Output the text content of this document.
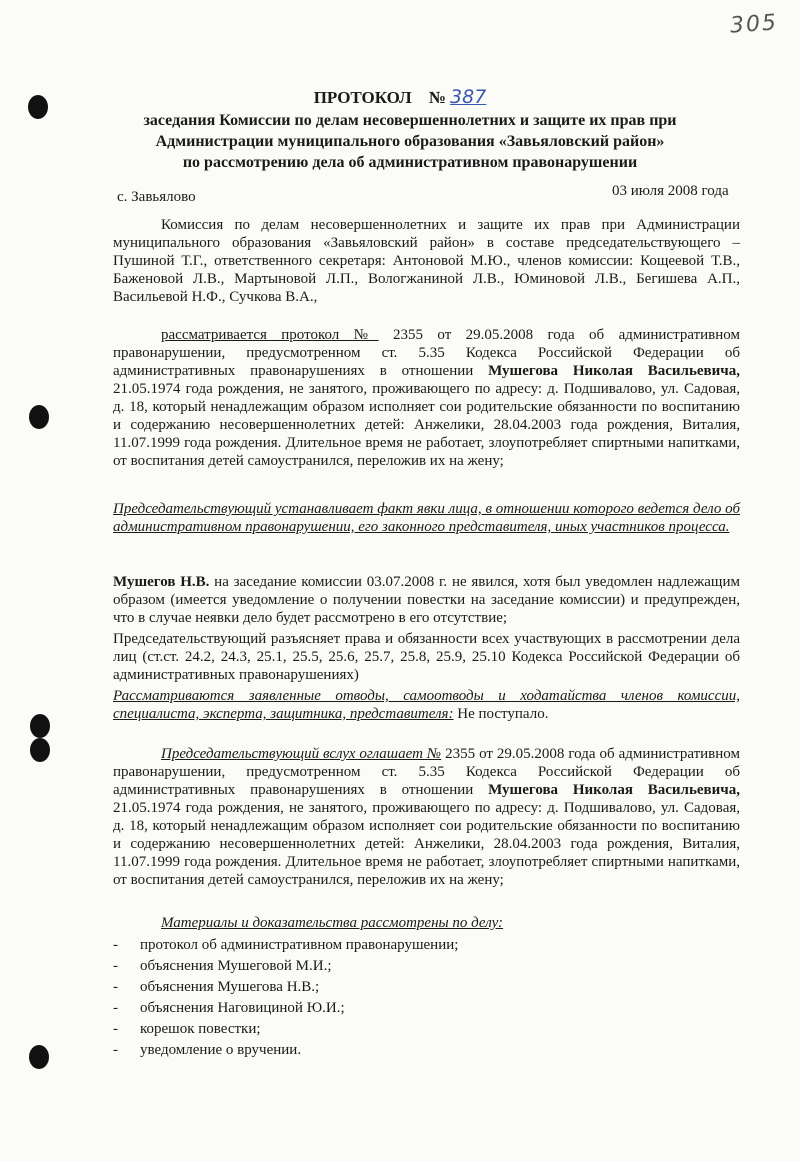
305
ПРОТОКОЛ № 387
заседания Комиссии по делам несовершеннолетних и защите их прав при
Администрации муниципального образования «Завьяловский район»
по рассмотрению дела об административном правонарушении
с. Завьялово	03 июля 2008 года
Комиссия по делам несовершеннолетних и защите их прав при Администрации муниципального образования «Завьяловский район» в составе председательствующего – Пушиной Т.Г., ответственного секретаря: Антоновой М.Ю., членов комиссии: Кощеевой Т.В., Баженовой Л.В., Мартыновой Л.П., Вологжаниной Л.В., Юминовой Л.В., Бегишева А.П., Васильевой Н.Ф., Сучкова В.А.,
рассматривается протокол № 2355 от 29.05.2008 года об административном правонарушении, предусмотренном ст. 5.35 Кодекса Российской Федерации об административных правонарушениях в отношении Мушегова Николая Васильевича, 21.05.1974 года рождения, не занятого, проживающего по адресу: д. Подшивалово, ул. Садовая, д. 18, который ненадлежащим образом исполняет сои родительские обязанности по воспитанию и содержанию несовершеннолетних детей: Анжелики, 28.04.2003 года рождения, Виталия, 11.07.1999 года рождения. Длительное время не работает, злоупотребляет спиртными напитками, от воспитания детей самоустранился, переложив их на жену;
Председательствующий устанавливает факт явки лица, в отношении которого ведется дело об административном правонарушении, его законного представителя, иных участников процесса.
Мушегов Н.В. на заседание комиссии 03.07.2008 г. не явился, хотя был уведомлен надлежащим образом (имеется уведомление о получении повестки на заседание комиссии) и предупрежден, что в случае неявки дело будет рассмотрено в его отсутствие;
Председательствующий разъясняет права и обязанности всех участвующих в рассмотрении дела лиц (ст.ст. 24.2, 24.3, 25.1, 25.5, 25.6, 25.7, 25.8, 25.9, 25.10 Кодекса Российской Федерации об административных правонарушениях)
Рассматриваются заявленные отводы, самоотводы и ходатайства членов комиссии, специалиста, эксперта, защитника, представителя: Не поступало.
Председательствующий вслух оглашает № 2355 от 29.05.2008 года об административном правонарушении, предусмотренном ст. 5.35 Кодекса Российской Федерации об административных правонарушениях в отношении Мушегова Николая Васильевича, 21.05.1974 года рождения, не занятого, проживающего по адресу: д. Подшивалово, ул. Садовая, д. 18, который ненадлежащим образом исполняет сои родительские обязанности по воспитанию и содержанию несовершеннолетних детей: Анжелики, 28.04.2003 года рождения, Виталия, 11.07.1999 года рождения. Длительное время не работает, злоупотребляет спиртными напитками, от воспитания детей самоустранился, переложив их на жену;
Материалы и доказательства рассмотрены по делу:
- протокол об административном правонарушении;
- объяснения Мушеговой М.И.;
- объяснения Мушегова Н.В.;
- объяснения Наговициной Ю.И.;
- корешок повестки;
- уведомление о вручении.
